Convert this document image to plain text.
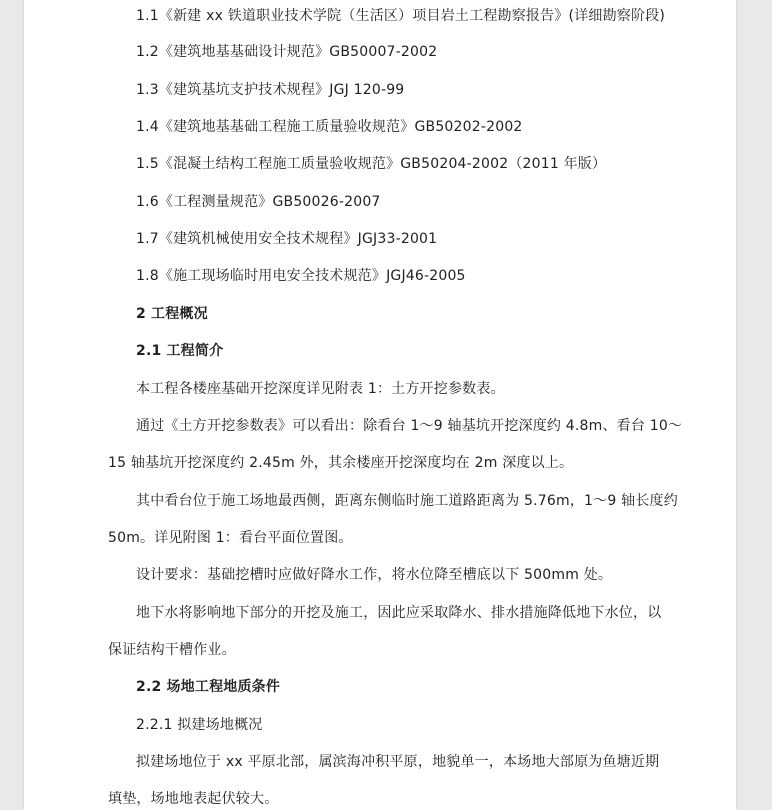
1.1《新建 xx 铁道职业技术学院（生活区）项目岩土工程勘察报告》(详细勘察阶段)
1.2《建筑地基基础设计规范》GB50007-2002
1.3《建筑基坑支护技术规程》JGJ 120-99
1.4《建筑地基基础工程施工质量验收规范》GB50202-2002
1.5《混凝土结构工程施工质量验收规范》GB50204-2002（2011 年版）
1.6《工程测量规范》GB50026-2007
1.7《建筑机械使用安全技术规程》JGJ33-2001
1.8《施工现场临时用电安全技术规范》JGJ46-2005
2 工程概况
2.1 工程简介
本工程各楼座基础开挖深度详见附表 1：土方开挖参数表。
通过《土方开挖参数表》可以看出：除看台 1～9 轴基坑开挖深度约 4.8m、看台 10～
15 轴基坑开挖深度约 2.45m 外，其余楼座开挖深度均在 2m 深度以上。
其中看台位于施工场地最西侧，距离东侧临时施工道路距离为 5.76m，1～9 轴长度约
50m。详见附图 1：看台平面位置图。
设计要求：基础挖槽时应做好降水工作，将水位降至槽底以下 500mm 处。
地下水将影响地下部分的开挖及施工，因此应采取降水、排水措施降低地下水位，以
保证结构干槽作业。
2.2 场地工程地质条件
2.2.1 拟建场地概况
拟建场地位于 xx 平原北部，属滨海冲积平原，地貌单一，本场地大部原为鱼塘近期
填垫，场地地表起伏较大。
